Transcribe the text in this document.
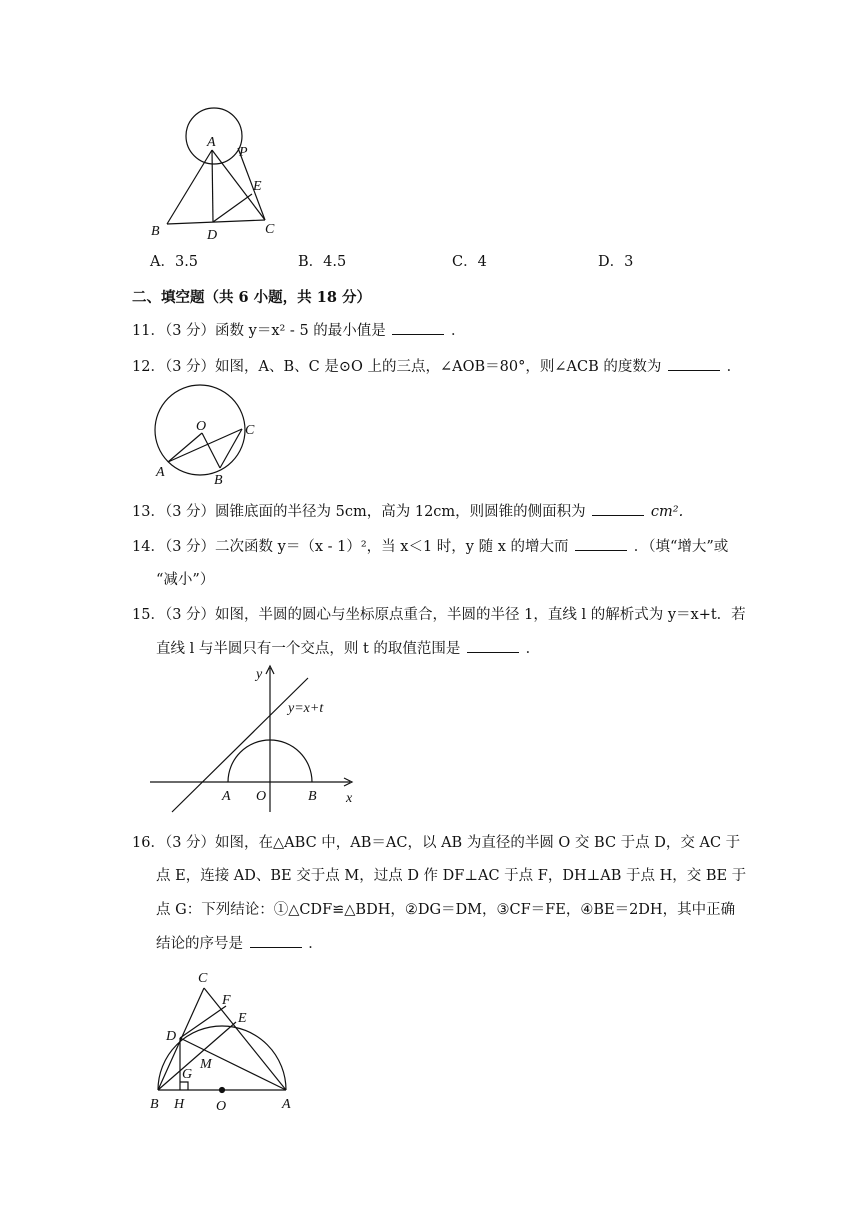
A
P
E
B	D	C
A．3.5	B．4.5	C．4	D．3
二、填空题（共 6 小题，共 18 分）
11．（3 分）函数 y＝x² - 5 的最小值是	．
12．（3 分）如图，A、B、C 是⊙O 上的三点，∠AOB＝80°，则∠ACB 的度数为	．
O	C
A
B
13．（3 分）圆锥底面的半径为 5cm，高为 12cm，则圆锥的侧面积为	cm².
14．（3 分）二次函数 y＝（x - 1）²，当 x＜1 时，y 随 x 的增大而	．（填“增大”或
“减小”）
15．（3 分）如图，半圆的圆心与坐标原点重合，半圆的半径 1，直线 l 的解析式为 y＝x+t．若
直线 l 与半圆只有一个交点，则 t 的取值范围是	．
y
y=x+t
A O	B x
16．（3 分）如图，在△ABC 中，AB＝AC，以 AB 为直径的半圆 O 交 BC 于点 D，交 AC 于
点 E，连接 AD、BE 交于点 M，过点 D 作 DF⊥AC 于点 F，DH⊥AB 于点 H，交 BE 于
点 G：下列结论：①△CDF≌△BDH，②DG＝DM，③CF＝FE，④BE＝2DH，其中正确
结论的序号是	．
C
F
E
D
M
G
B H O	A
